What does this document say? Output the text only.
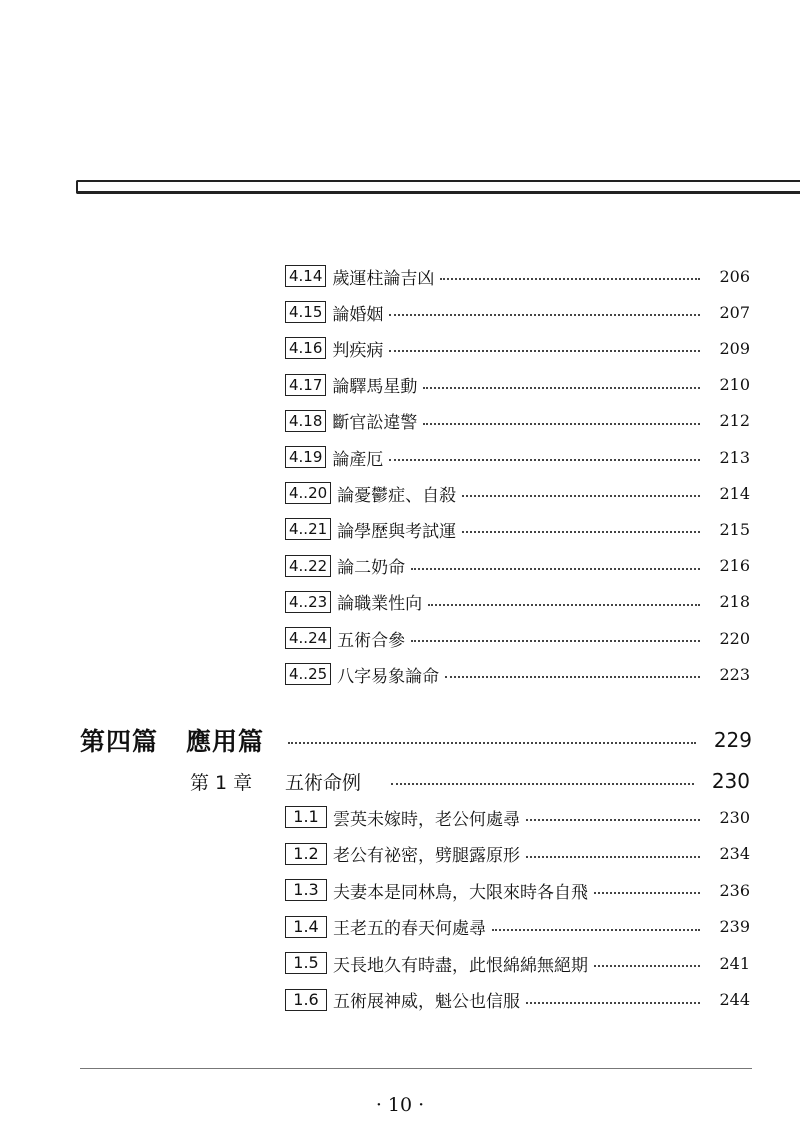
4.14 歲運柱論吉凶	206
4.15 論婚姻	207
4.16 判疾病	209
4.17 論驛馬星動	210
4.18 斷官訟違警	212
4.19 論產厄	213
4..20 論憂鬱症、自殺	214
4..21 論學歷與考試運	215
4..22 論二奶命	216
4..23 論職業性向	218
4..24 五術合參	220
4..25 八字易象論命	223
第四篇 應用篇	229
第 1 章	五術命例	230
1.1 雲英未嫁時，老公何處尋	230
1.2 老公有祕密，劈腿露原形	234
1.3 夫妻本是同林鳥，大限來時各自飛	236
1.4 王老五的春天何處尋	239
1.5 天長地久有時盡，此恨綿綿無絕期	241
1.6 五術展神威，魁公也信服	244
· 10 ·
